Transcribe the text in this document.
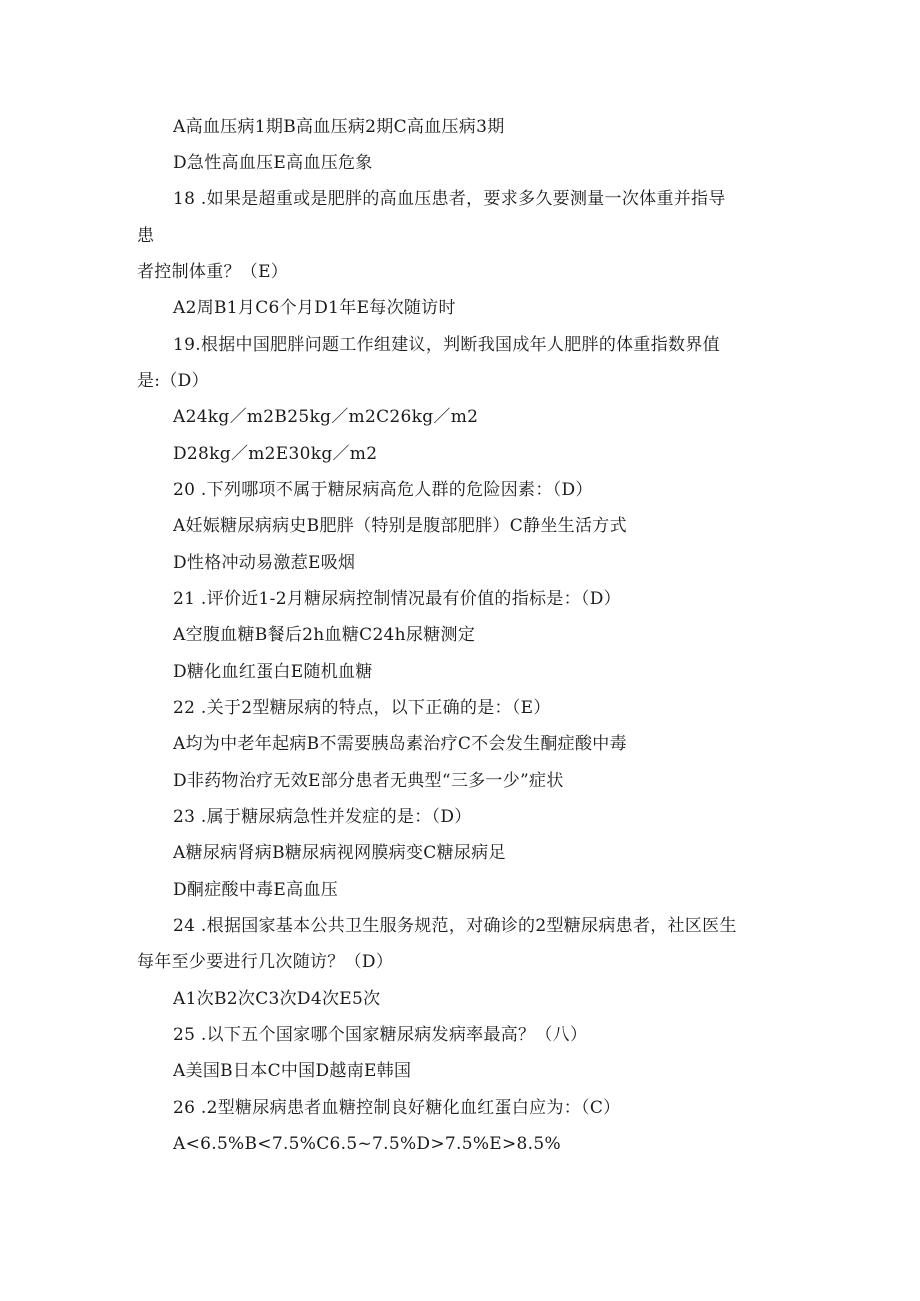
A高血压病1期B高血压病2期C高血压病3期
D急性高血压E高血压危象
18 .如果是超重或是肥胖的高血压患者，要求多久要测量一次体重并指导
患
者控制体重？（E）
A2周B1月C6个月D1年E每次随访时
19.根据中国肥胖问题工作组建议，判断我国成年人肥胖的体重指数界值
是:（D）
A24kg／m2B25kg／m2C26kg／m2
D28kg／m2E30kg／m2
20 .下列哪项不属于糖尿病高危人群的危险因素：（D）
A妊娠糖尿病病史B肥胖（特别是腹部肥胖）C静坐生活方式
D性格冲动易激惹E吸烟
21 .评价近1-2月糖尿病控制情况最有价值的指标是：（D）
A空腹血糖B餐后2h血糖C24h尿糖测定
D糖化血红蛋白E随机血糖
22 .关于2型糖尿病的特点，以下正确的是：（E）
A均为中老年起病B不需要胰岛素治疗C不会发生酮症酸中毒
D非药物治疗无效E部分患者无典型“三多一少”症状
23 .属于糖尿病急性并发症的是：（D）
A糖尿病肾病B糖尿病视网膜病变C糖尿病足
D酮症酸中毒E高血压
24 .根据国家基本公共卫生服务规范，对确诊的2型糖尿病患者，社区医生
每年至少要进行几次随访？（D）
A1次B2次C3次D4次E5次
25 .以下五个国家哪个国家糖尿病发病率最高？（八）
A美国B日本C中国D越南E韩国
26 .2型糖尿病患者血糖控制良好糖化血红蛋白应为：（C）
A<6.5%B<7.5%C6.5~7.5%D>7.5%E>8.5%
